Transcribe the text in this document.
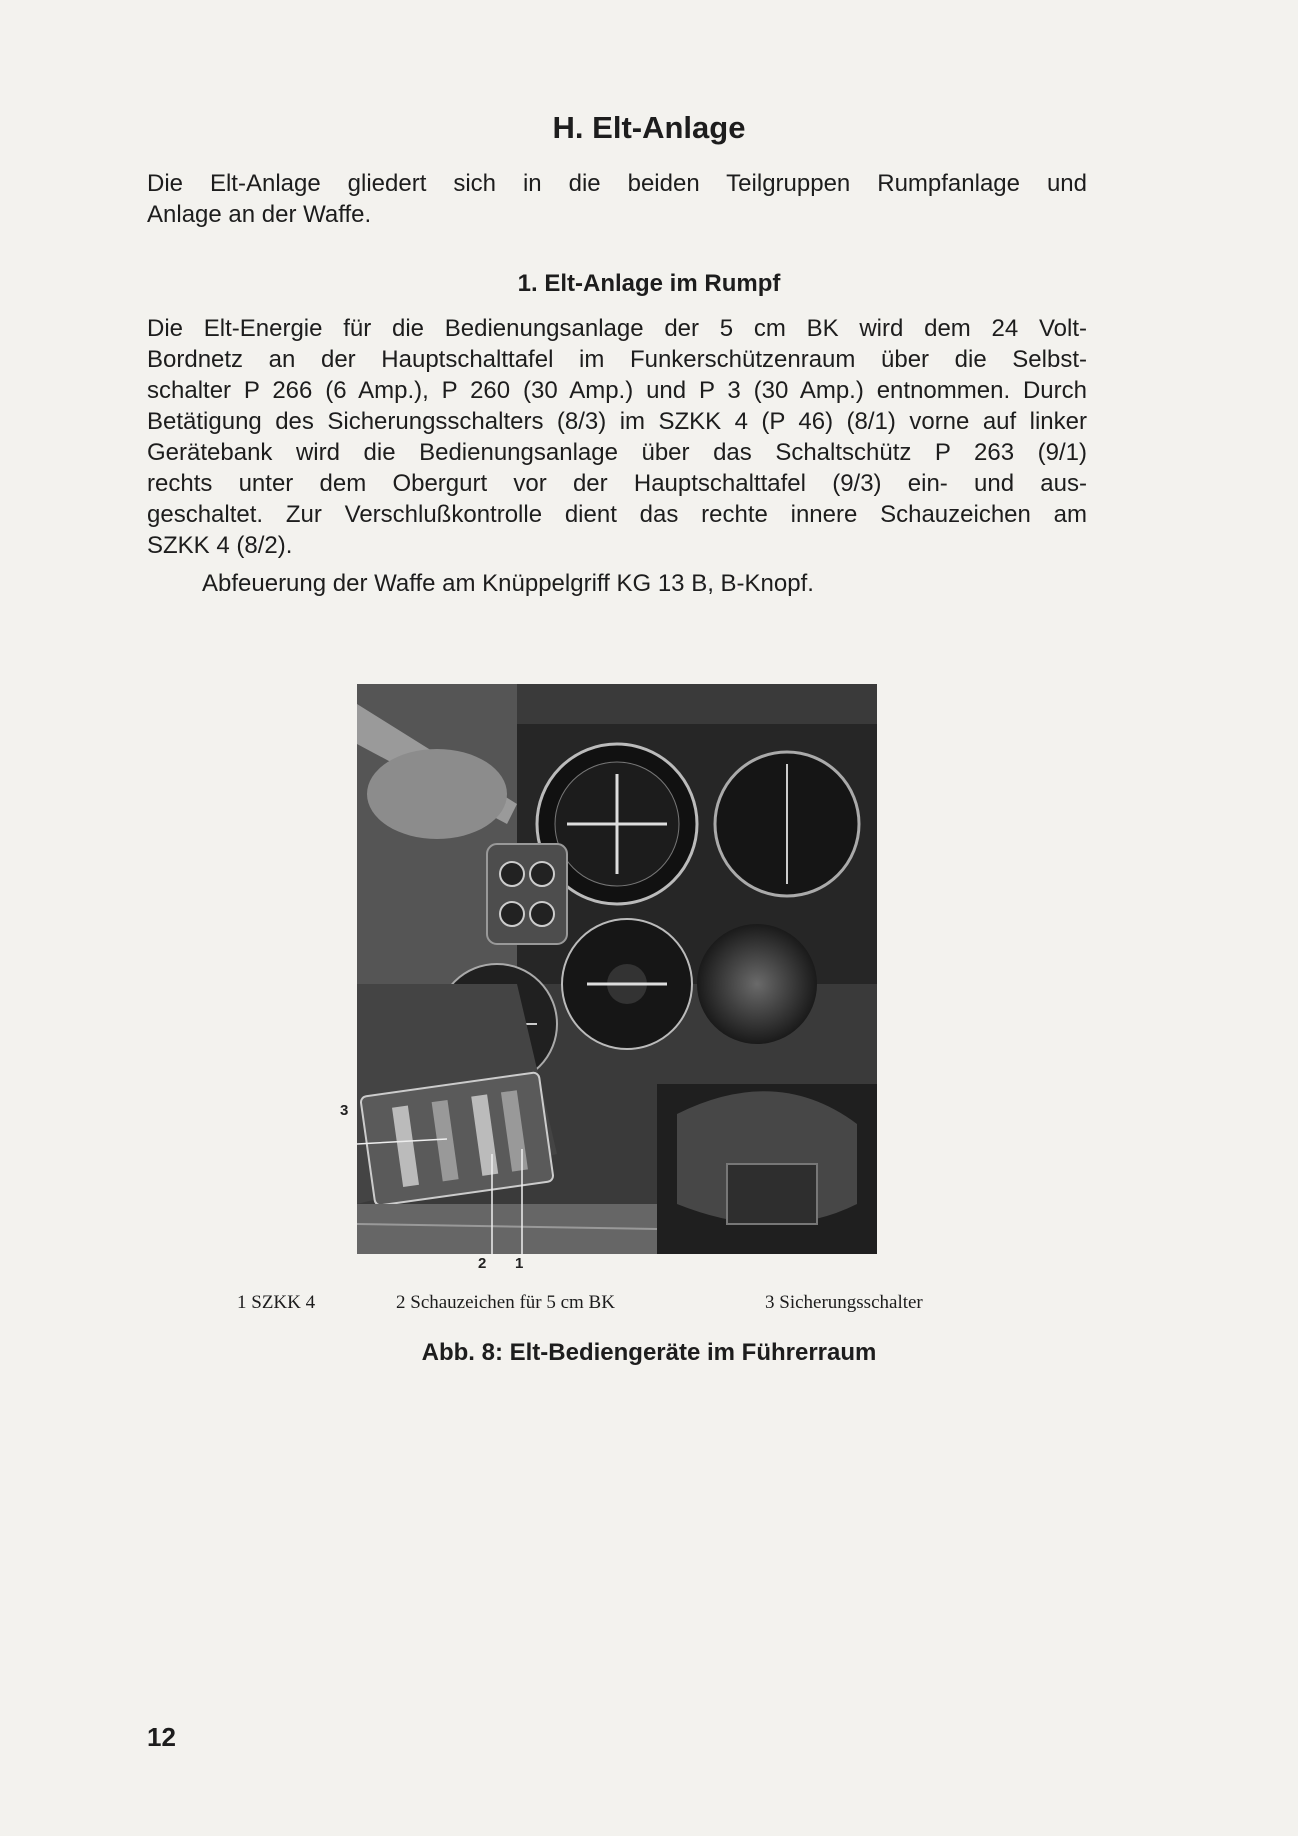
H. Elt-Anlage

Die Elt-Anlage gliedert sich in die beiden Teilgruppen Rumpfanlage und
Anlage an der Waffe.

1. Elt-Anlage im Rumpf

Die Elt-Energie für die Bedienungsanlage der 5 cm BK wird dem 24 Volt-
Bordnetz an der Hauptschalttafel im Funkerschützenraum über die Selbst-
schalter P 266 (6 Amp.), P 260 (30 Amp.) und P 3 (30 Amp.) entnommen. Durch
Betätigung des Sicherungsschalters (8/3) im SZKK 4 (P 46) (8/1) vorne auf linker
Gerätebank wird die Bedienungsanlage über das Schaltschütz P 263 (9/1)
rechts unter dem Obergurt vor der Hauptschalttafel (9/3) ein- und aus-
geschaltet. Zur Verschlußkontrolle dient das rechte innere Schauzeichen am
SZKK 4 (8/2).

Abfeuerung der Waffe am Knüppelgriff KG 13 B, B-Knopf.

3
2 1
1 SZKK 4	2 Schauzeichen für 5 cm BK	3 Sicherungsschalter
Abb. 8: Elt-Bediengeräte im Führerraum
12
